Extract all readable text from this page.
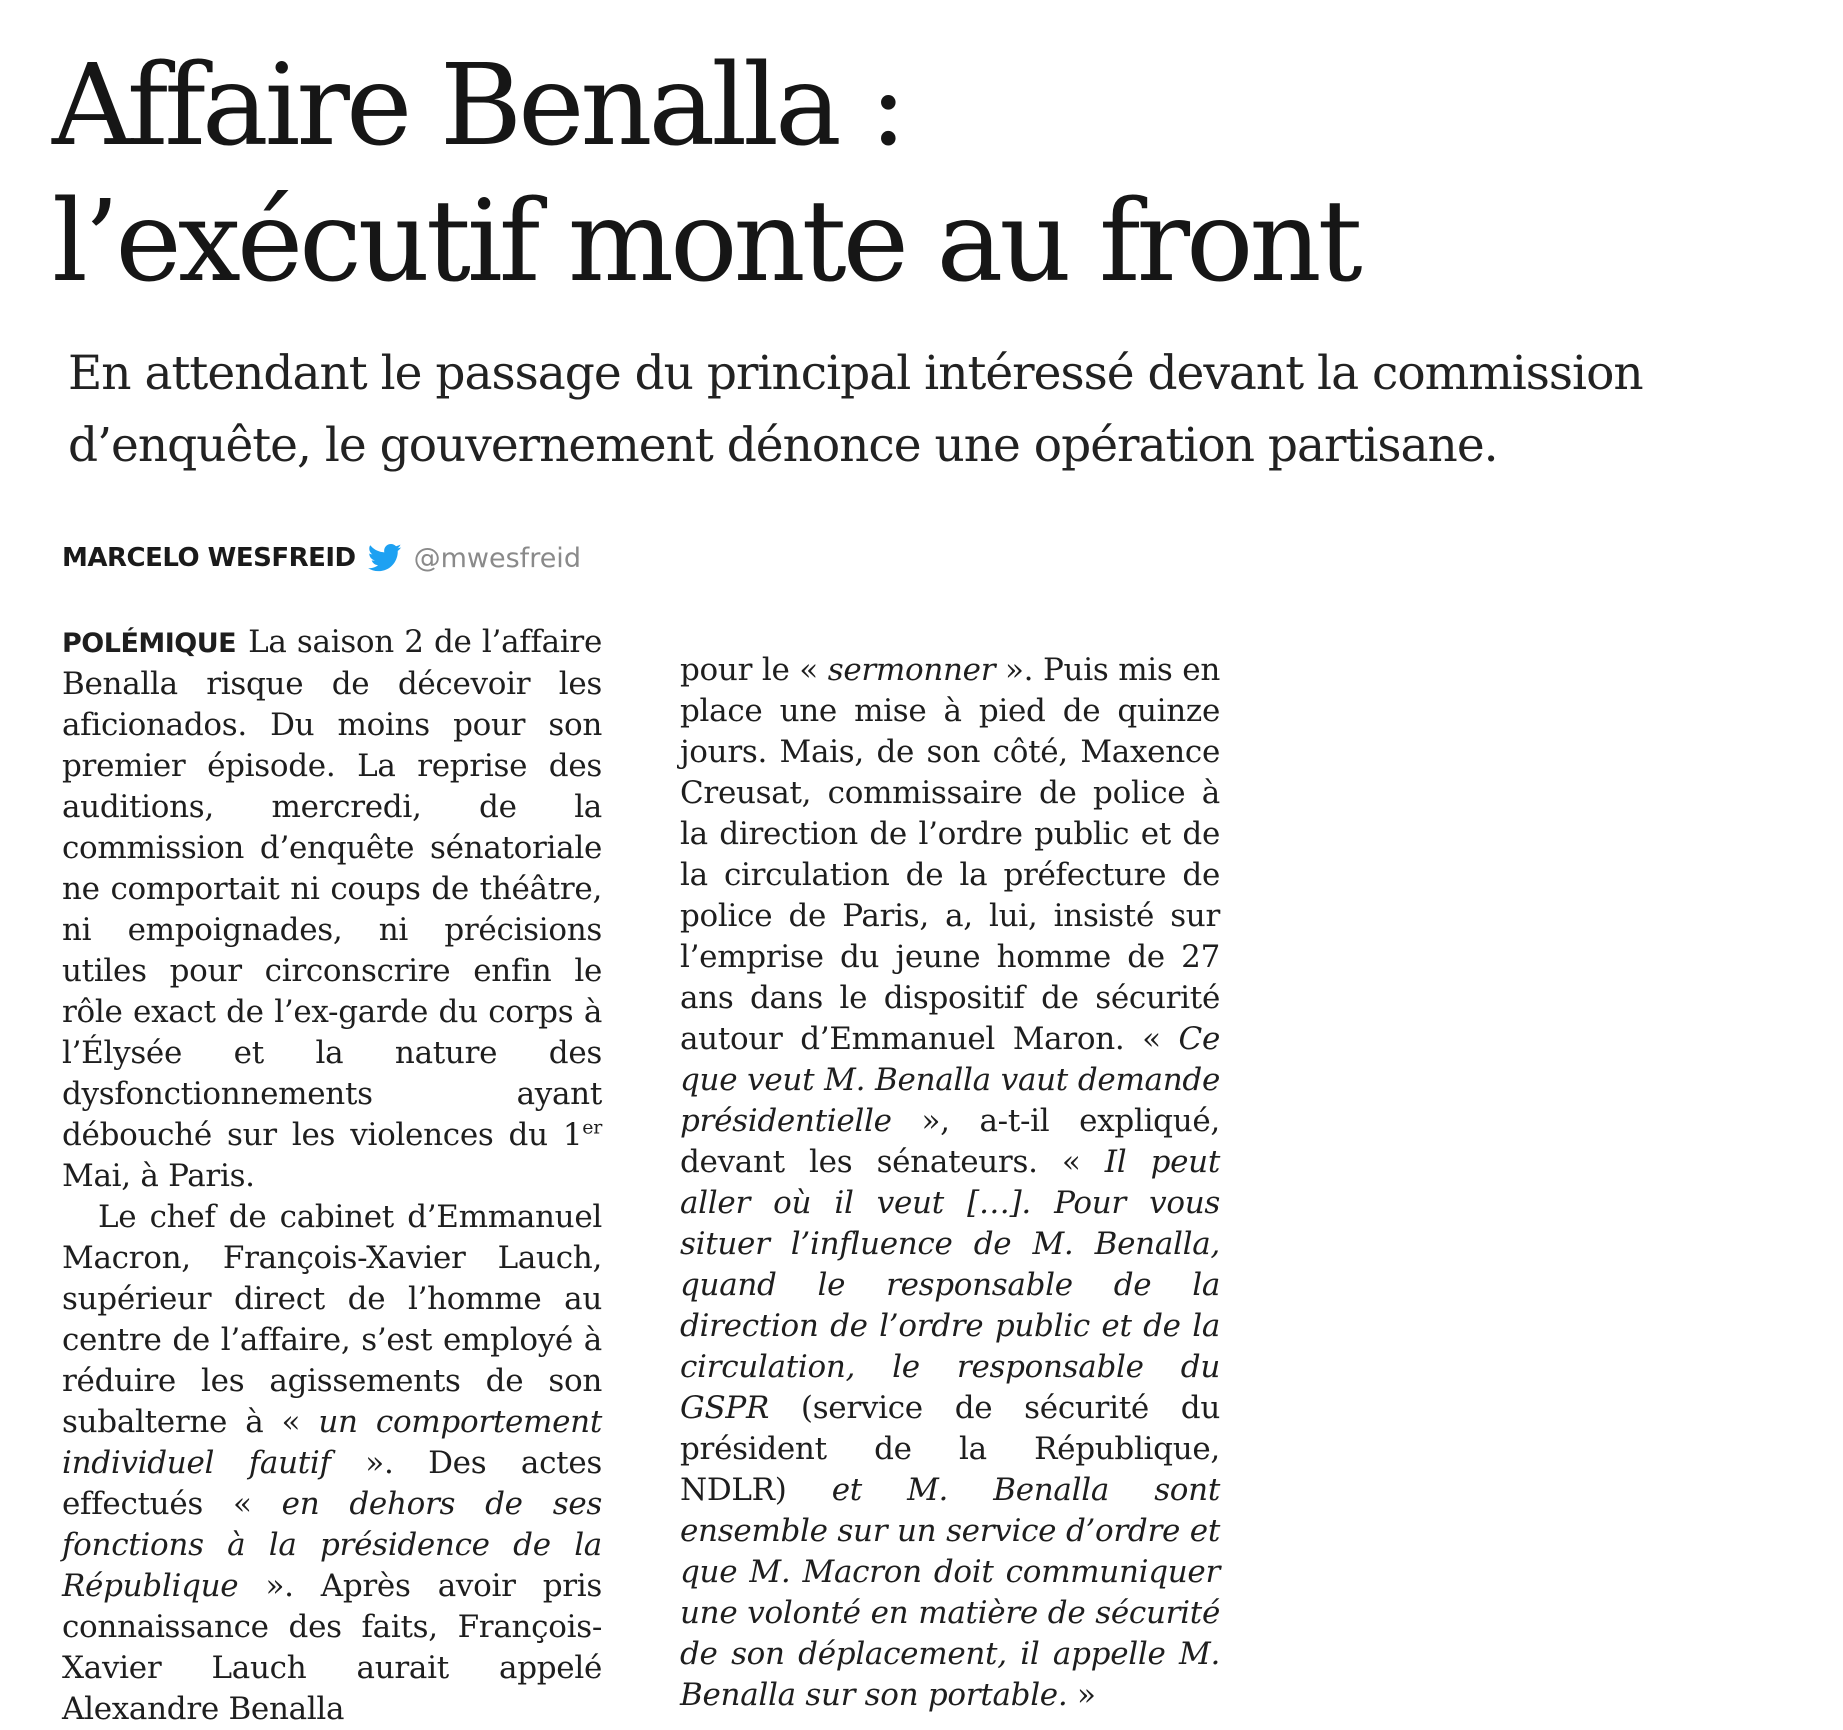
Affaire Benalla :
l’exécutif monte au front
En attendant le passage du principal intéressé devant la commission
d’enquête, le gouvernement dénonce une opération partisane.
MARCELO WESFREID @mwesfreid

POLÉMIQUE La saison 2 de l’affaire Benalla risque de décevoir les aficionados. Du moins pour son premier épisode. La reprise des auditions, mercredi, de la commission d’enquête sénatoriale ne comportait ni coups de théâtre, ni empoignades, ni précisions utiles pour circonscrire enfin le rôle exact de l’ex-garde du corps à l’Élysée et la nature des dysfonctionnements ayant débouché sur les violences du 1er Mai, à Paris.

Le chef de cabinet d’Emmanuel Macron, François-Xavier Lauch, supérieur direct de l’homme au centre de l’affaire, s’est employé à réduire les agissements de son subalterne à « un comportement individuel fautif ». Des actes effectués « en dehors de ses fonctions à la présidence de la République ». Après avoir pris connaissance des faits, François-Xavier Lauch aurait appelé Alexandre Benalla

pour le « sermonner ». Puis mis en place une mise à pied de quinze jours. Mais, de son côté, Maxence Creusat, commissaire de police à la direction de l’ordre public et de la circulation de la préfecture de police de Paris, a, lui, insisté sur l’emprise du jeune homme de 27 ans dans le dispositif de sécurité autour d’Emmanuel Maron. « Ce que veut M. Benalla vaut demande présidentielle », a-t-il expliqué, devant les sénateurs. « Il peut aller où il veut […]. Pour vous situer l’influence de M. Benalla, quand le responsable de la direction de l’ordre public et de la circulation, le responsable du GSPR (service de sécurité du président de la République, NDLR) et M. Benalla sont ensemble sur un service d’ordre et que M. Macron doit communiquer une volonté en matière de sécurité de son déplacement, il appelle M. Benalla sur son portable. »
